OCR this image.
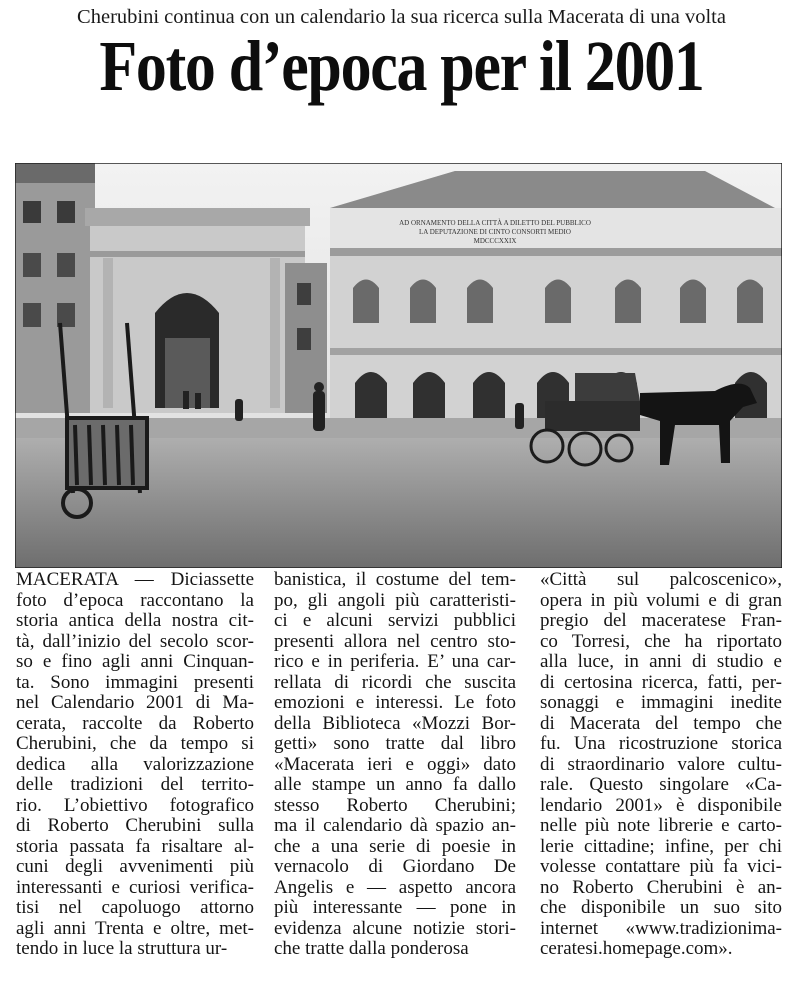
Cherubini continua con un calendario la sua ricerca sulla Macerata di una volta
Foto d’epoca per il 2001
AD ORNAMENTO DELLA CITTÀ A DILETTO DEL PUBBLICO
LA DEPUTAZIONE DI CINTO CONSORTI MEDIO
MDCCCXXIX
MACERATA — Diciassette
foto d’epoca raccontano la
storia antica della nostra cit-
tà, dall’inizio del secolo scor-
so e fino agli anni Cinquan-
ta. Sono immagini presenti
nel Calendario 2001 di Ma-
cerata, raccolte da Roberto
Cherubini, che da tempo si
dedica alla valorizzazione
delle tradizioni del territo-
rio. L’obiettivo fotografico
di Roberto Cherubini sulla
storia passata fa risaltare al-
cuni degli avvenimenti più
interessanti e curiosi verifica-
tisi nel capoluogo attorno
agli anni Trenta e oltre, met-
tendo in luce la struttura ur-
banistica, il costume del tem-
po, gli angoli più caratteristi-
ci e alcuni servizi pubblici
presenti allora nel centro sto-
rico e in periferia. E’ una car-
rellata di ricordi che suscita
emozioni e interessi. Le foto
della Biblioteca «Mozzi Bor-
getti» sono tratte dal libro
«Macerata ieri e oggi» dato
alle stampe un anno fa dallo
stesso Roberto Cherubini;
ma il calendario dà spazio an-
che a una serie di poesie in
vernacolo di Giordano De
Angelis e — aspetto ancora
più interessante — pone in
evidenza alcune notizie stori-
che tratte dalla ponderosa
«Città sul palcoscenico»,
opera in più volumi e di gran
pregio del maceratese Fran-
co Torresi, che ha riportato
alla luce, in anni di studio e
di certosina ricerca, fatti, per-
sonaggi e immagini inedite
di Macerata del tempo che
fu. Una ricostruzione storica
di straordinario valore cultu-
rale. Questo singolare «Ca-
lendario 2001» è disponibile
nelle più note librerie e carto-
lerie cittadine; infine, per chi
volesse contattare più fa vici-
no Roberto Cherubini è an-
che disponibile un suo sito
internet «www.tradizionima-
ceratesi.homepage.com».
